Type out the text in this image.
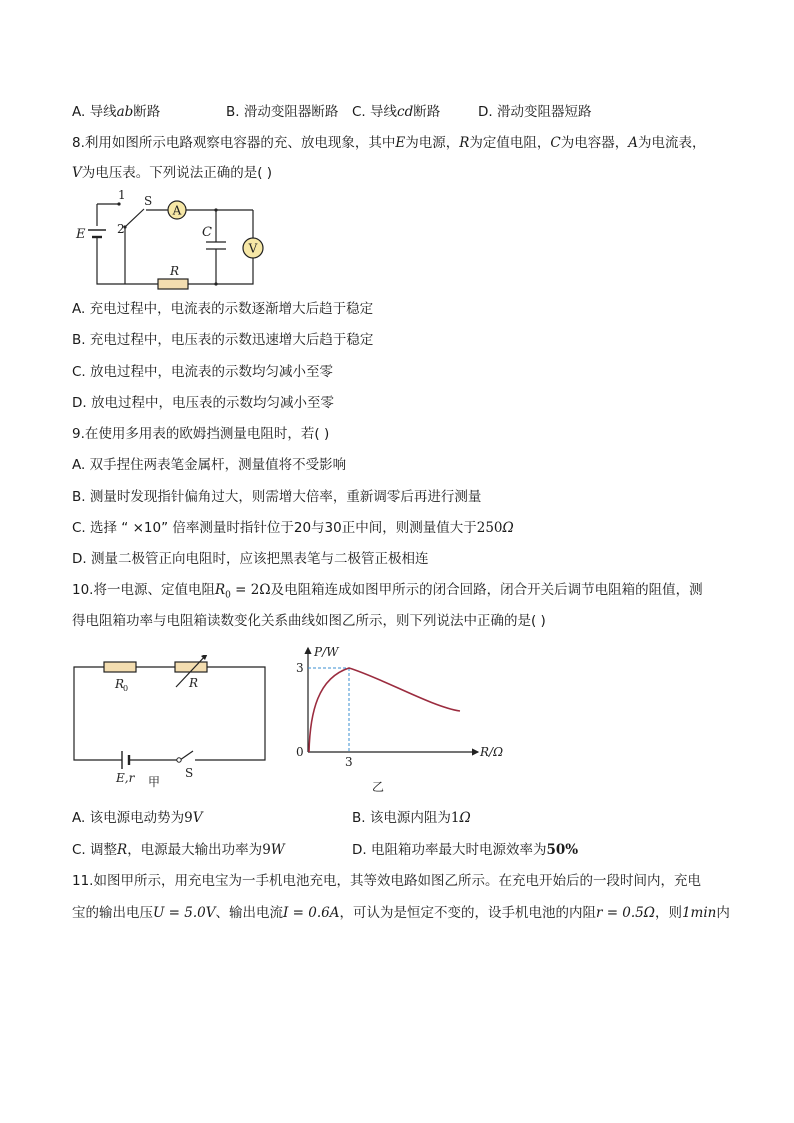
A. 导线ab断路	B. 滑动变阻器断路 C. 导线cd断路	D. 滑动变阻器短路
8.利用如图所示电路观察电容器的充、放电现象，其中E为电源，R为定值电阻，C为电容器，A为电流表，
V为电压表。下列说法正确的是( )
A
V
1
2
S
E	C
R
A. 充电过程中，电流表的示数逐渐增大后趋于稳定
B. 充电过程中，电压表的示数迅速增大后趋于稳定
C. 放电过程中，电流表的示数均匀减小至零
D. 放电过程中，电压表的示数均匀减小至零
9.在使用多用表的欧姆挡测量电阻时，若( )
A. 双手捏住两表笔金属杆，测量值将不受影响
B. 测量时发现指针偏角过大，则需增大倍率，重新调零后再进行测量
C. 选择 “ ×10” 倍率测量时指针位于20与30正中间，则测量值大于250Ω
D. 测量二极管正向电阻时，应该把黑表笔与二极管正极相连
10.将一电源、定值电阻$R_0 = 2\Omega$及电阻箱连成如图甲所示的闭合回路，闭合开关后调节电阻箱的阻值，测
得电阻箱功率与电阻箱读数变化关系曲线如图乙所示，则下列说法中正确的是( )
R
0	R
E,r 甲
S
P/W
R/Ω
3
3
0
乙
A. 该电源电动势为9V	B. 该电源内阻为1Ω
C. 调整R，电源最大输出功率为9W	D. 电阻箱功率最大时电源效率为50%
11.如图甲所示，用充电宝为一手机电池充电，其等效电路如图乙所示。在充电开始后的一段时间内，充电
宝的输出电压U = 5.0V、输出电流I = 0.6A，可认为是恒定不变的，设手机电池的内阻r = 0.5Ω，则1min内
